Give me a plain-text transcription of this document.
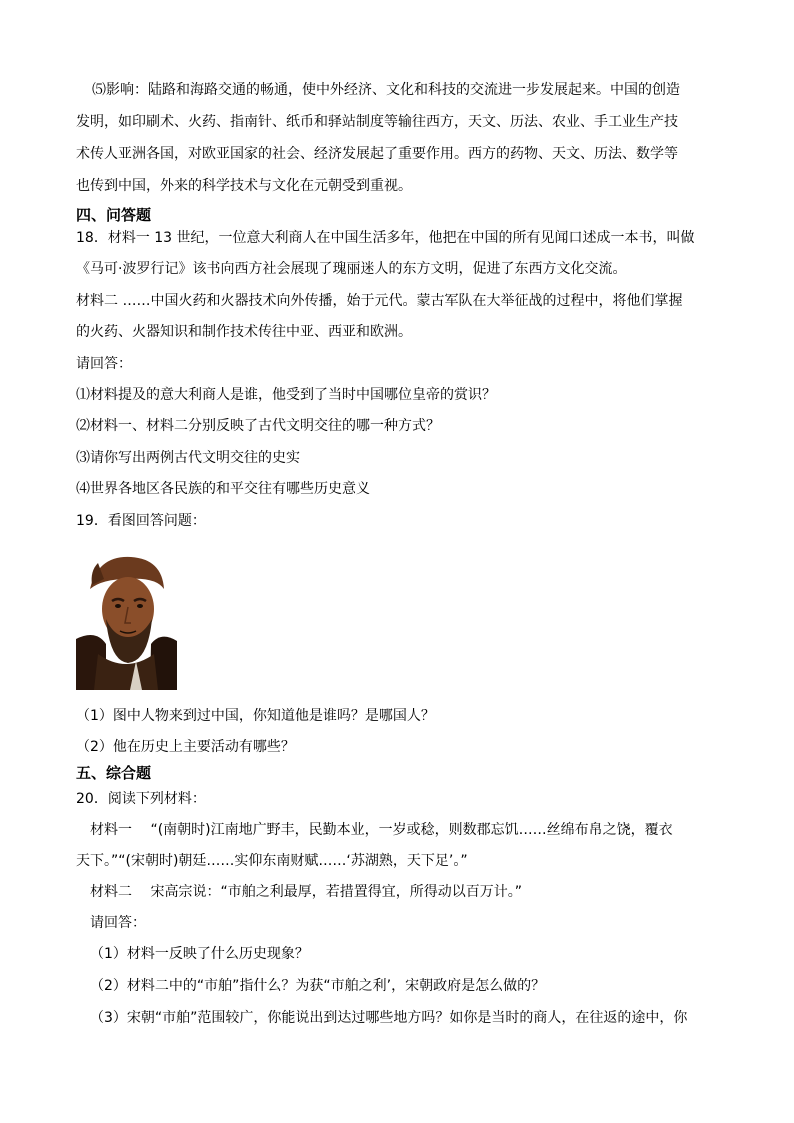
⑸影响：陆路和海路交通的畅通，使中外经济、文化和科技的交流进一步发展起来。中国的创造
发明，如印刷术、火药、指南针、纸币和驿站制度等输往西方，天文、历法、农业、手工业生产技
术传人亚洲各国，对欧亚国家的社会、经济发展起了重要作用。西方的药物、天文、历法、数学等
也传到中国，外来的科学技术与文化在元朝受到重视。
四、问答题
18．材料一 13 世纪，一位意大利商人在中国生活多年，他把在中国的所有见闻口述成一本书，叫做
《马可·波罗行记》该书向西方社会展现了瑰丽迷人的东方文明，促进了东西方文化交流。
材料二 ……中国火药和火器技术向外传播，始于元代。蒙古军队在大举征战的过程中，将他们掌握
的火药、火器知识和制作技术传往中亚、西亚和欧洲。
请回答：
⑴材料提及的意大利商人是谁，他受到了当时中国哪位皇帝的赏识？
⑵材料一、材料二分别反映了古代文明交往的哪一种方式？
⑶请你写出两例古代文明交往的史实
⑷世界各地区各民族的和平交往有哪些历史意义
19．看图回答问题：
（1）图中人物来到过中国，你知道他是谁吗？是哪国人？
（2）他在历史上主要活动有哪些？
五、综合题
20．阅读下列材料：
材料一　 “(南朝时)江南地广野丰，民勤本业，一岁或稔，则数郡忘饥……丝绵布帛之饶，覆衣
天下。”“(宋朝时)朝廷……实仰东南财赋……‘苏湖熟，天下足’。”
材料二　 宋高宗说：“市舶之利最厚，若措置得宜，所得动以百万计。”
请回答：
（1）材料一反映了什么历史现象？
（2）材料二中的“市舶”指什么？为获“市舶之利’，宋朝政府是怎么做的？
（3）宋朝“市舶”范围较广，你能说出到达过哪些地方吗？如你是当时的商人，在往返的途中，你
